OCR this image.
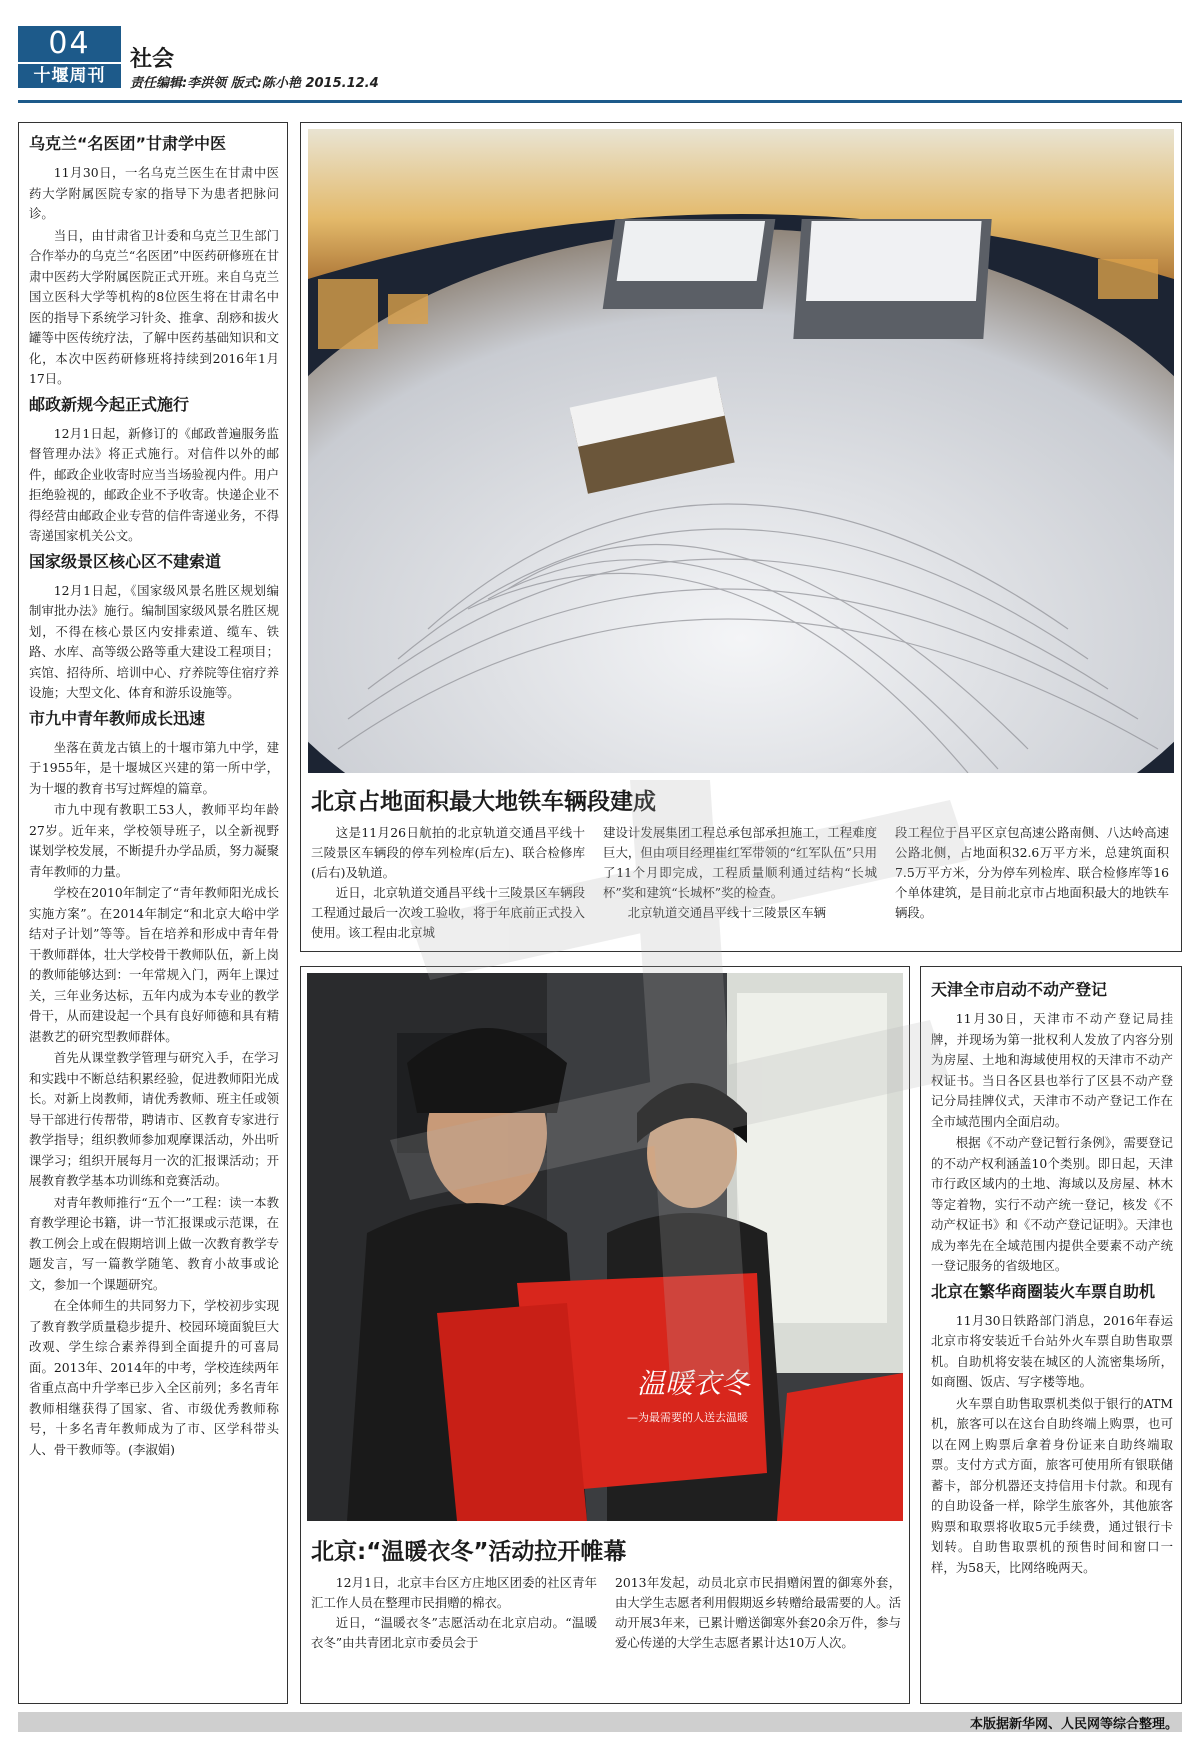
04
十堰周刊
社会
责任编辑:李洪领 版式:陈小艳 2015.12.4
乌克兰“名医团”甘肃学中医

11月30日，一名乌克兰医生在甘肃中医药大学附属医院专家的指导下为患者把脉问诊。

当日，由甘肃省卫计委和乌克兰卫生部门合作举办的乌克兰“名医团”中医药研修班在甘肃中医药大学附属医院正式开班。来自乌克兰国立医科大学等机构的8位医生将在甘肃名中医的指导下系统学习针灸、推拿、刮痧和拔火罐等中医传统疗法，了解中医药基础知识和文化，本次中医药研修班将持续到2016年1月17日。

邮政新规今起正式施行

12月1日起，新修订的《邮政普遍服务监督管理办法》将正式施行。对信件以外的邮件，邮政企业收寄时应当当场验视内件。用户拒绝验视的，邮政企业不予收寄。快递企业不得经营由邮政企业专营的信件寄递业务，不得寄递国家机关公文。

国家级景区核心区不建索道

12月1日起，《国家级风景名胜区规划编制审批办法》施行。编制国家级风景名胜区规划，不得在核心景区内安排索道、缆车、铁路、水库、高等级公路等重大建设工程项目；宾馆、招待所、培训中心、疗养院等住宿疗养设施；大型文化、体育和游乐设施等。

市九中青年教师成长迅速

坐落在黄龙古镇上的十堰市第九中学，建于1955年，是十堰城区兴建的第一所中学，为十堰的教育书写过辉煌的篇章。

市九中现有教职工53人，教师平均年龄27岁。近年来，学校领导班子，以全新视野谋划学校发展，不断提升办学品质，努力凝聚青年教师的力量。

学校在2010年制定了“青年教师阳光成长实施方案”。在2014年制定“和北京大峪中学结对子计划”等等。旨在培养和形成中青年骨干教师群体，壮大学校骨干教师队伍，新上岗的教师能够达到：一年常规入门，两年上课过关，三年业务达标，五年内成为本专业的教学骨干，从而建设起一个具有良好师德和具有精湛教艺的研究型教师群体。

首先从课堂教学管理与研究入手，在学习和实践中不断总结积累经验，促进教师阳光成长。对新上岗教师，请优秀教师、班主任或领导干部进行传帮带，聘请市、区教育专家进行教学指导；组织教师参加观摩课活动，外出听课学习；组织开展每月一次的汇报课活动；开展教育教学基本功训练和竞赛活动。

对青年教师推行“五个一”工程：读一本教育教学理论书籍，讲一节汇报课或示范课，在教工例会上或在假期培训上做一次教育教学专题发言，写一篇教学随笔、教育小故事或论文，参加一个课题研究。

在全体师生的共同努力下，学校初步实现了教育教学质量稳步提升、校园环境面貌巨大改观、学生综合素养得到全面提升的可喜局面。2013年、2014年的中考，学校连续两年省重点高中升学率已步入全区前列；多名青年教师相继获得了国家、省、市级优秀教师称号，十多名青年教师成为了市、区学科带头人、骨干教师等。(李淑娟)

北京占地面积最大地铁车辆段建成

这是11月26日航拍的北京轨道交通昌平线十三陵景区车辆段的停车列检库(后左)、联合检修库(后右)及轨道。

近日，北京轨道交通昌平线十三陵景区车辆段工程通过最后一次竣工验收，将于年底前正式投入使用。该工程由北京城

建设计发展集团工程总承包部承担施工，工程难度巨大，但由项目经理崔红军带领的“红军队伍”只用了11个月即完成，工程质量顺利通过结构“长城杯”奖和建筑“长城杯”奖的检查。

北京轨道交通昌平线十三陵景区车辆

段工程位于昌平区京包高速公路南侧、八达岭高速公路北侧，占地面积32.6万平方米，总建筑面积7.5万平方米，分为停车列检库、联合检修库等16个单体建筑，是目前北京市占地面积最大的地铁车辆段。

温暖衣冬
—为最需要的人送去温暖
北京:“温暖衣冬”活动拉开帷幕

12月1日，北京丰台区方庄地区团委的社区青年汇工作人员在整理市民捐赠的棉衣。

近日，“温暖衣冬”志愿活动在北京启动。“温暖衣冬”由共青团北京市委员会于

2013年发起，动员北京市民捐赠闲置的御寒外套，由大学生志愿者利用假期返乡转赠给最需要的人。活动开展3年来，已累计赠送御寒外套20余万件，参与爱心传递的大学生志愿者累计达10万人次。

天津全市启动不动产登记

11月30日，天津市不动产登记局挂牌，并现场为第一批权利人发放了内容分别为房屋、土地和海域使用权的天津市不动产权证书。当日各区县也举行了区县不动产登记分局挂牌仪式，天津市不动产登记工作在全市域范围内全面启动。

根据《不动产登记暂行条例》，需要登记的不动产权利涵盖10个类别。即日起，天津市行政区域内的土地、海域以及房屋、林木等定着物，实行不动产统一登记，核发《不动产权证书》和《不动产登记证明》。天津也成为率先在全域范围内提供全要素不动产统一登记服务的省级地区。

北京在繁华商圈装火车票自助机

11月30日铁路部门消息，2016年春运北京市将安装近千台站外火车票自助售取票机。自助机将安装在城区的人流密集场所，如商圈、饭店、写字楼等地。

火车票自助售取票机类似于银行的ATM机，旅客可以在这台自助终端上购票，也可以在网上购票后拿着身份证来自助终端取票。支付方式方面，旅客可使用所有银联储蓄卡，部分机器还支持信用卡付款。和现有的自助设备一样，除学生旅客外，其他旅客购票和取票将收取5元手续费，通过银行卡划转。自助售取票机的预售时间和窗口一样，为58天，比网络晚两天。

本版据新华网、人民网等综合整理。
